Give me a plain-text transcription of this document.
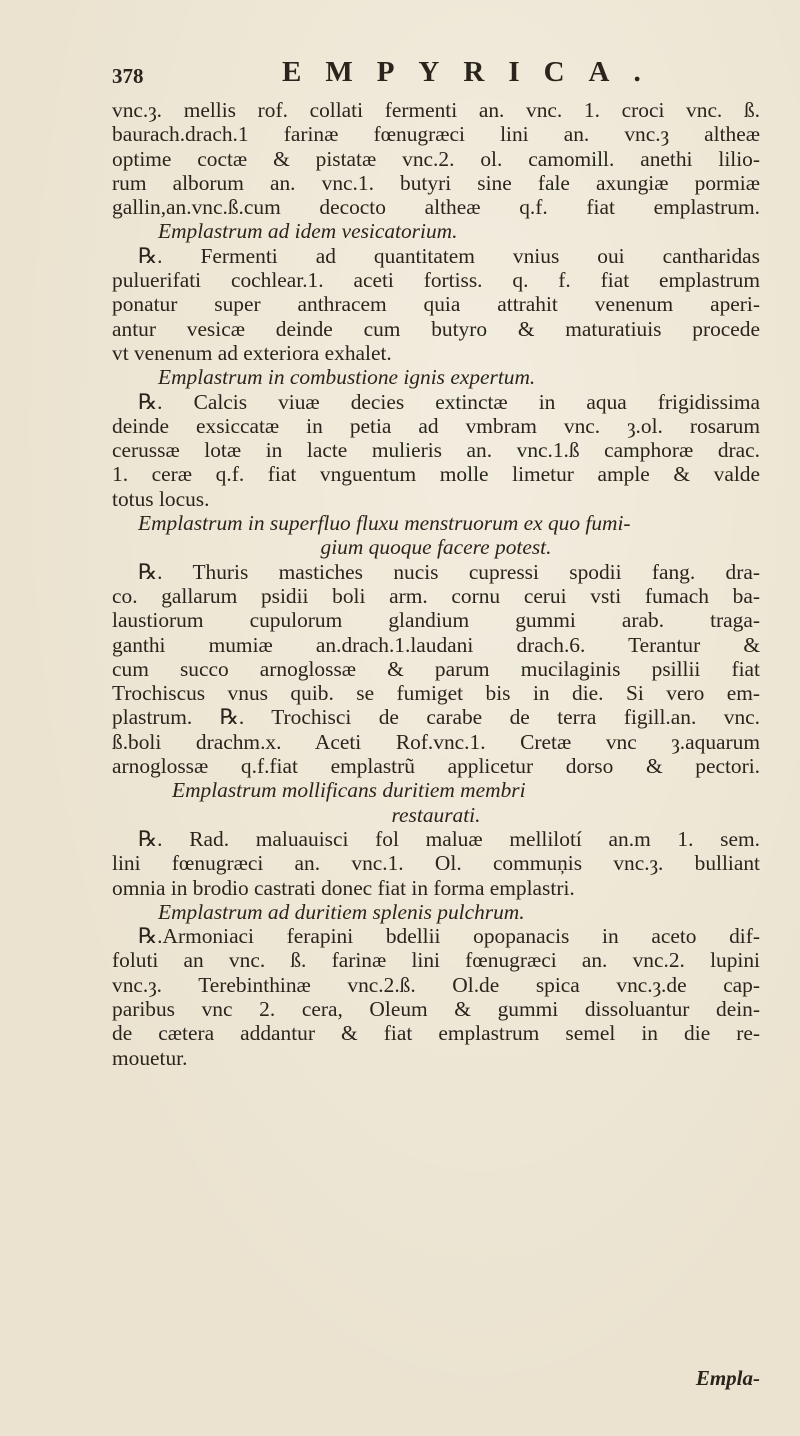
378	EMPYRICA.
vnc.ȝ. mellis rof. collati fermenti an. vnc. 1. croci vnc. ß.
baurach.drach.1 farinæ fœnugræci lini an. vnc.ȝ altheæ
optime coctæ & pistatæ vnc.2. ol. camomill. anethi lilio-
rum alborum an. vnc.1. butyri sine fale axungiæ pormiæ
gallin,an.vnc.ß.cum decocto altheæ q.f. fiat emplastrum.
Emplastrum ad idem vesicatorium.
℞. Fermenti ad quantitatem vnius oui cantharidas
puluerifati cochlear.1. aceti fortiss. q. f. fiat emplastrum
ponatur super anthracem quia attrahit venenum aperi-
antur vesicæ deinde cum butyro & maturatiuis procede
vt venenum ad exteriora exhalet.
Emplastrum in combustione ignis expertum.
℞. Calcis viuæ decies extinctæ in aqua frigidissima
deinde exsiccatæ in petia ad vmbram vnc. ȝ.ol. rosarum
cerussæ lotæ in lacte mulieris an. vnc.1.ß camphoræ drac.
1. ceræ q.f. fiat vnguentum molle limetur ample & valde
totus locus.
Emplastrum in superfluo fluxu menstruorum ex quo fumi-
gium quoque facere potest.
℞. Thuris mastiches nucis cupressi spodii fang. dra-
co. gallarum psidii boli arm. cornu cerui vsti fumach ba-
laustiorum cupulorum glandium gummi arab. traga-
ganthi mumiæ an.drach.1.laudani drach.6. Terantur &
cum succo arnoglossæ & parum mucilaginis psillii fiat
Trochiscus vnus quib. se fumiget bis in die. Si vero em-
plastrum. ℞. Trochisci de carabe de terra figill.an. vnc.
ß.boli drachm.x. Aceti Rof.vnc.1. Cretæ vnc ȝ.aquarum
arnoglossæ q.f.fiat emplastrũ applicetur dorso & pectori.
Emplastrum mollificans duritiem membri
restaurati.
℞. Rad. maluauisci fol maluæ mellilotí an.m 1. sem.
lini fœnugræci an. vnc.1. Ol. commuņis vnc.ȝ. bulliant
omnia in brodio castrati donec fiat in forma emplastri.
Emplastrum ad duritiem splenis pulchrum.
℞.Armoniaci ferapini bdellii opopanacis in aceto dif-
foluti an vnc. ß. farinæ lini fœnugræci an. vnc.2. lupini
vnc.ȝ. Terebinthinæ vnc.2.ß. Ol.de spica vnc.ȝ.de cap-
paribus vnc 2. cera, Oleum & gummi dissoluantur dein-
de cætera addantur & fiat emplastrum semel in die re-
mouetur.
Empla-
